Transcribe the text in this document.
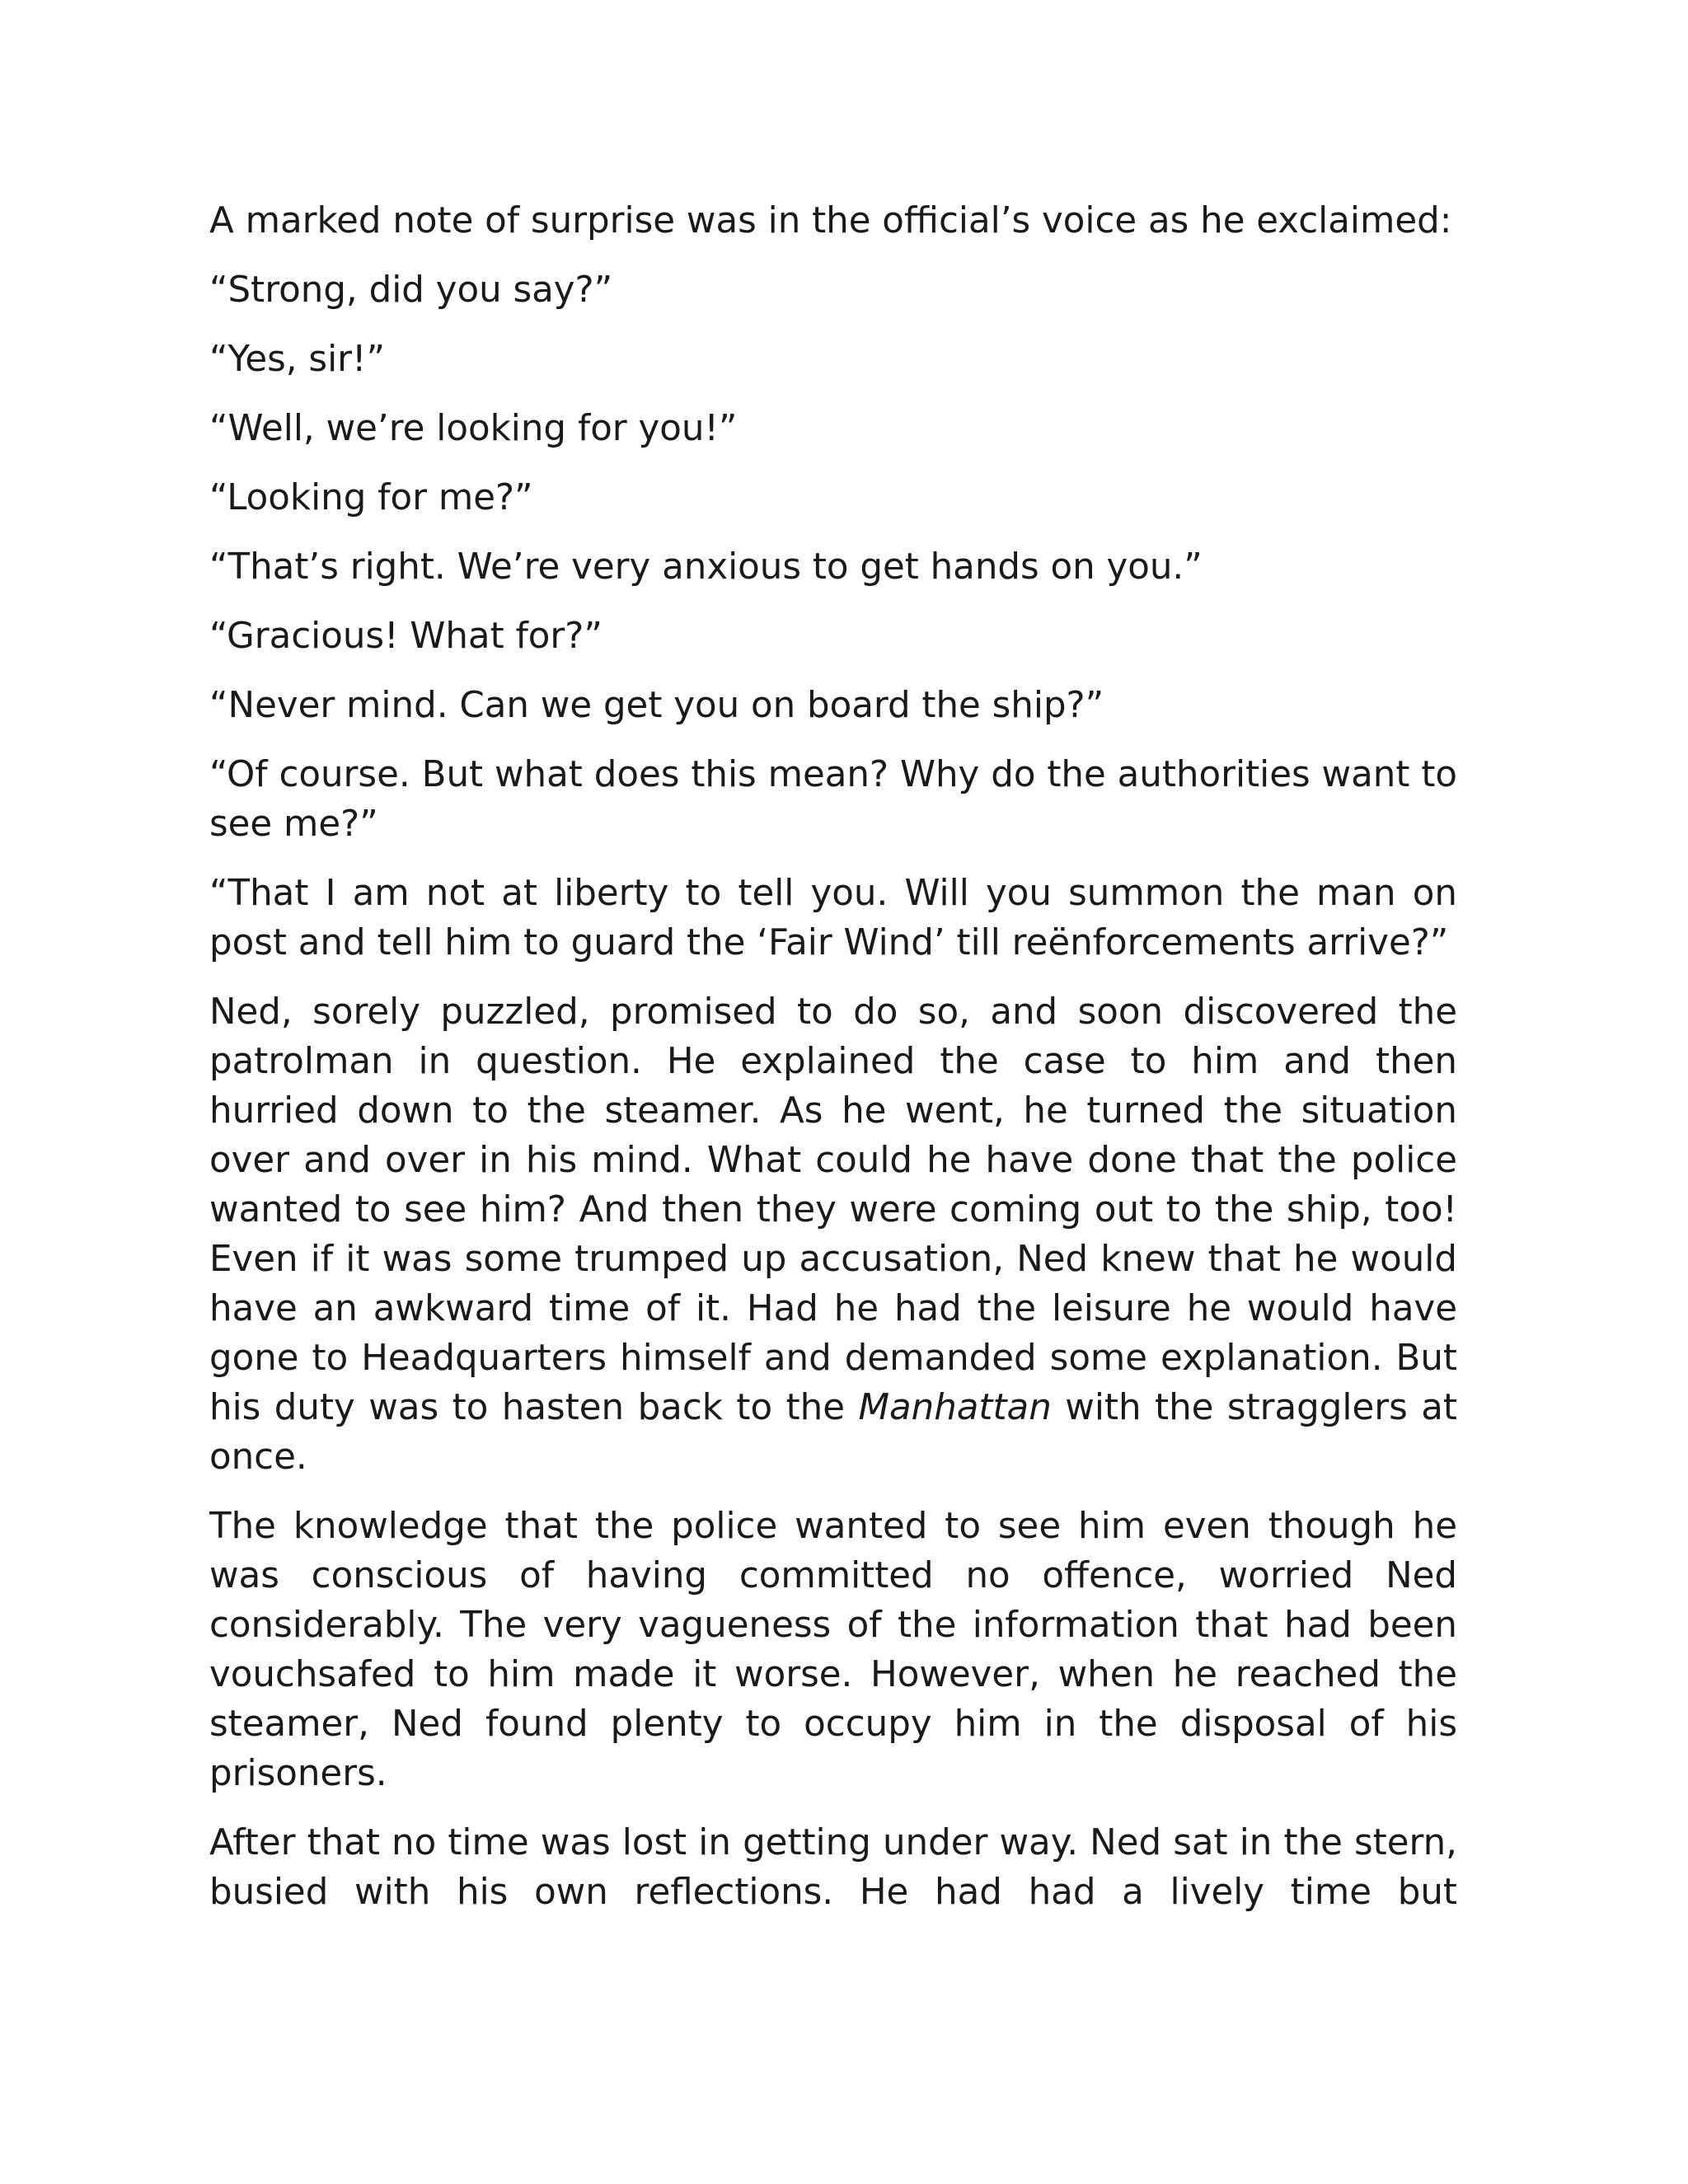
A marked note of surprise was in the official’s voice as he exclaimed:

“Strong, did you say?”

“Yes, sir!”

“Well, we’re looking for you!”

“Looking for me?”

“That’s right. We’re very anxious to get hands on you.”

“Gracious! What for?”

“Never mind. Can we get you on board the ship?”

“Of course. But what does this mean? Why do the authorities want to see me?”

“That I am not at liberty to tell you. Will you summon the man on post and tell him to guard the ‘Fair Wind’ till reënforcements arrive?”

Ned, sorely puzzled, promised to do so, and soon discovered the patrolman in question. He explained the case to him and then hurried down to the steamer. As he went, he turned the situation over and over in his mind. What could he have done that the police wanted to see him? And then they were coming out to the ship, too! Even if it was some trumped up accusation, Ned knew that he would have an awkward time of it. Had he had the leisure he would have gone to Headquarters himself and demanded some explanation. But his duty was to hasten back to the Manhattan with the stragglers at once.

The knowledge that the police wanted to see him even though he was conscious of having committed no offence, worried Ned considerably. The very vagueness of the information that had been vouchsafed to him made it worse. However, when he reached the steamer, Ned found plenty to occupy him in the disposal of his prisoners.

After that no time was lost in getting under way. Ned sat in the stern, busied with his own reflections. He had had a lively time but
